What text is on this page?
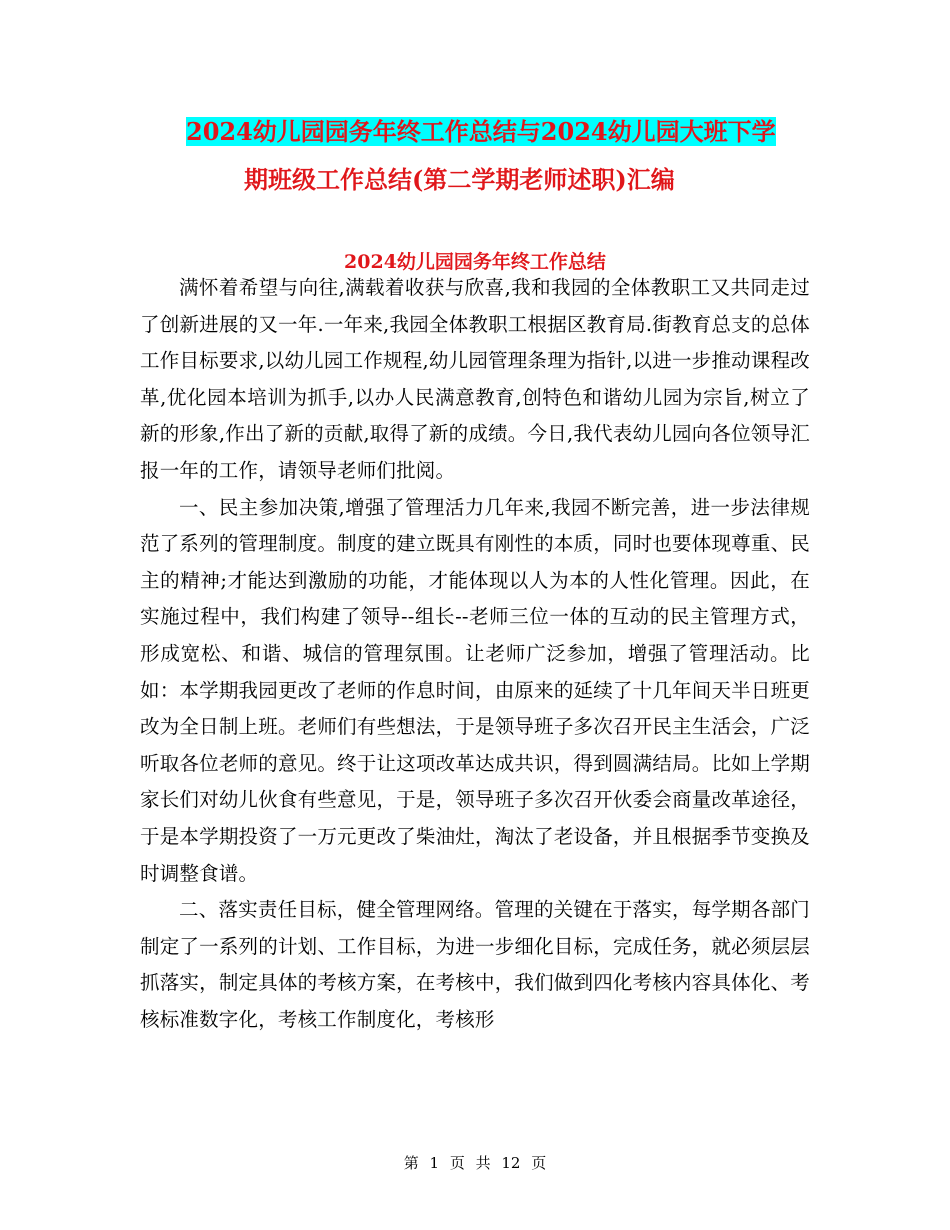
2024幼儿园园务年终工作总结与2024幼儿园大班下学
期班级工作总结(第二学期老师述职)汇编
2024幼儿园园务年终工作总结

满怀着希望与向往,满载着收获与欣喜,我和我园的全体教职工又共同走过了创新进展的又一年.一年来,我园全体教职工根据区教育局.街教育总支的总体工作目标要求,以幼儿园工作规程,幼儿园管理条理为指针,以进一步推动课程改革,优化园本培训为抓手,以办人民满意教育,创特色和谐幼儿园为宗旨,树立了新的形象,作出了新的贡献,取得了新的成绩。今日,我代表幼儿园向各位领导汇报一年的工作，请领导老师们批阅。

一、民主参加决策,增强了管理活力几年来,我园不断完善，进一步法律规范了系列的管理制度。制度的建立既具有刚性的本质，同时也要体现尊重、民主的精神;才能达到激励的功能，才能体现以人为本的人性化管理。因此，在实施过程中，我们构建了领导--组长--老师三位一体的互动的民主管理方式，形成宽松、和谐、城信的管理氛围。让老师广泛参加，增强了管理活动。比如：本学期我园更改了老师的作息时间，由原来的延续了十几年间天半日班更改为全日制上班。老师们有些想法，于是领导班子多次召开民主生活会，广泛听取各位老师的意见。终于让这项改革达成共识，得到圆满结局。比如上学期家长们对幼儿伙食有些意见，于是，领导班子多次召开伙委会商量改革途径，于是本学期投资了一万元更改了柴油灶，淘汰了老设备，并且根据季节变换及时调整食谱。

二、落实责任目标，健全管理网络。管理的关键在于落实，每学期各部门制定了一系列的计划、工作目标，为进一步细化目标，完成任务，就必须层层抓落实，制定具体的考核方案，在考核中，我们做到四化考核内容具体化、考核标准数字化，考核工作制度化，考核形

第 1 页 共 12 页
